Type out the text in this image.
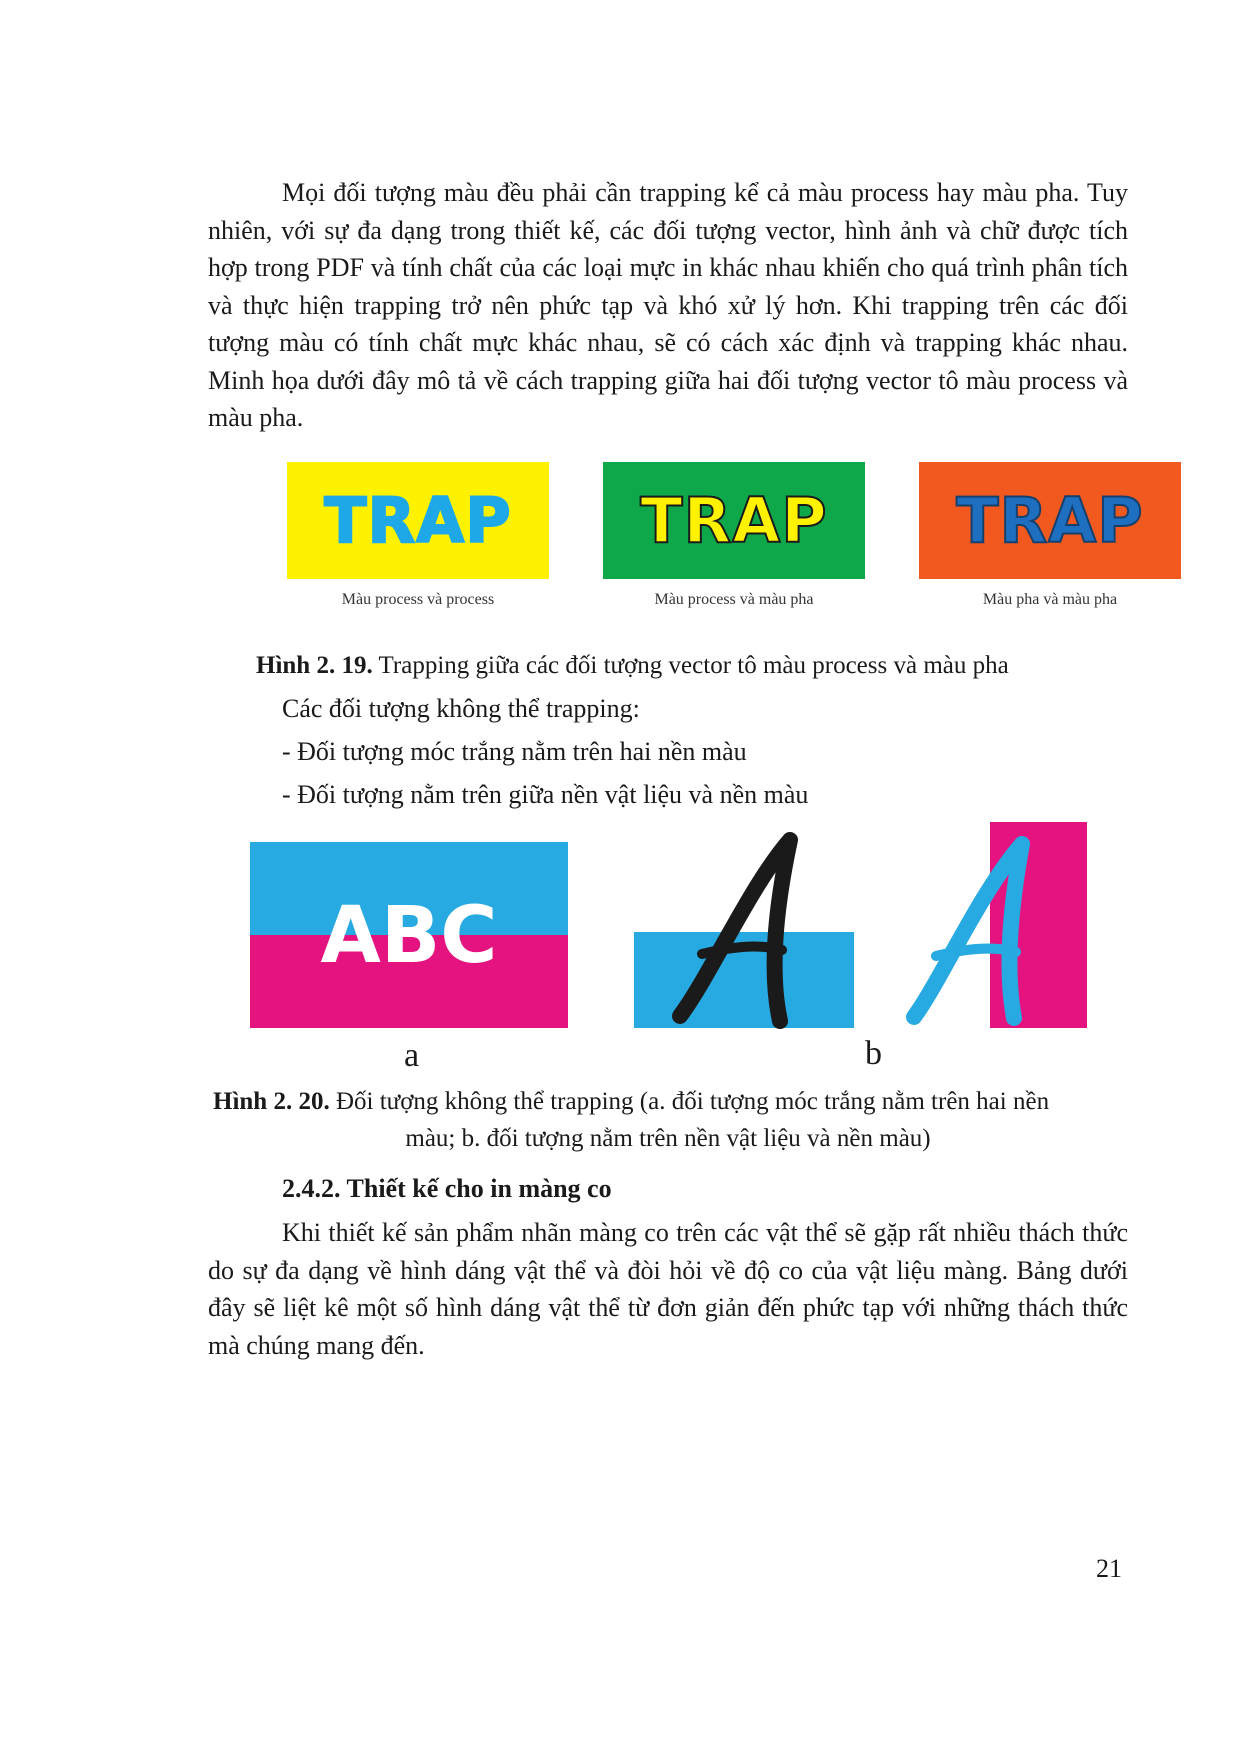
Mọi đối tượng màu đều phải cần trapping kể cả màu process hay màu pha. Tuy nhiên, với sự đa dạng trong thiết kế, các đối tượng vector, hình ảnh và chữ được tích hợp trong PDF và tính chất của các loại mực in khác nhau khiến cho quá trình phân tích và thực hiện trapping trở nên phức tạp và khó xử lý hơn. Khi trapping trên các đối tượng màu có tính chất mực khác nhau, sẽ có cách xác định và trapping khác nhau. Minh họa dưới đây mô tả về cách trapping giữa hai đối tượng vector tô màu process và màu pha.

TRAP TRAP TRAP
Màu process và process	Màu process và màu pha	Màu pha và màu pha

Hình 2. 19. Trapping giữa các đối tượng vector tô màu process và màu pha

Các đối tượng không thể trapping:

- Đối tượng móc trắng nằm trên hai nền màu

- Đối tượng nằm trên giữa nền vật liệu và nền màu

ABC
a	b

Hình 2. 20. Đối tượng không thể trapping (a. đối tượng móc trắng nằm trên hai nền

màu; b. đối tượng nằm trên nền vật liệu và nền màu)

2.4.2. Thiết kế cho in màng co

Khi thiết kế sản phẩm nhãn màng co trên các vật thể sẽ gặp rất nhiều thách thức do sự đa dạng về hình dáng vật thể và đòi hỏi về độ co của vật liệu màng. Bảng dưới đây sẽ liệt kê một số hình dáng vật thể từ đơn giản đến phức tạp với những thách thức mà chúng mang đến.

21
